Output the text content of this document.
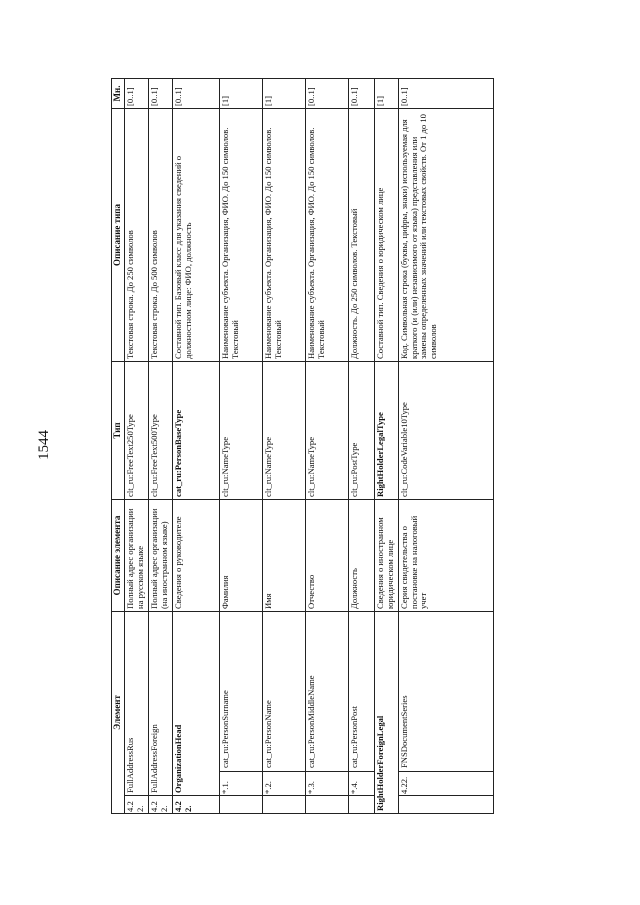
1544
Элемент			Описание элемента	Тип	Описание типа	Мн.
4.22.	FullAddressRus		Полный адрес организации на русском языке	clt_ru:FreeText250Type	Текстовая строка. До 250 символов	[0..1]
4.22.	FullAddressForeign		Полный адрес организации (на иностранном языке)	clt_ru:FreeText500Type	Текстовая строка. До 500 символов	[0..1]
4.22.	OrganizationHead		Сведения о руководителе	cat_ru:PersonBaseType	Составной тип. Базовый класс для указания сведений о должностном лице: ФИО, должность	[0..1]
	*.1.	cat_ru:PersonSurname	Фамилия	clt_ru:NameType	Наименование субъекта. Организация, ФИО. До 150 символов. Текстовый	[1]
	*.2.	cat_ru:PersonName	Имя	clt_ru:NameType	Наименование субъекта. Организация, ФИО. До 150 символов. Текстовый	[1]
	*.3.	cat_ru:PersonMiddleName	Отчество	clt_ru:NameType	Наименование субъекта. Организация, ФИО. До 150 символов. Текстовый	[0..1]
	*.4.	cat_ru:PersonPost	Должность	clt_ru:PostType	Должность. До 250 символов. Текстовый	[0..1]
RightHolderForeignLegal			Сведения о иностранном юридическом лице	RightHolderLegalType	Составной тип. Сведения о юридическом лице	[1]
	4.22.	FNSDocumentSeries	Серия свидетельства о постановке на налоговый учет	clt_ru:CodeVariable10Type	Код. Символьная строка (буквы, цифры, знаки) используемая для краткого (и (или) независимого от языка) представления или замены определенных значений или текстовых свойств. От 1 до 10 символов	[0..1]
